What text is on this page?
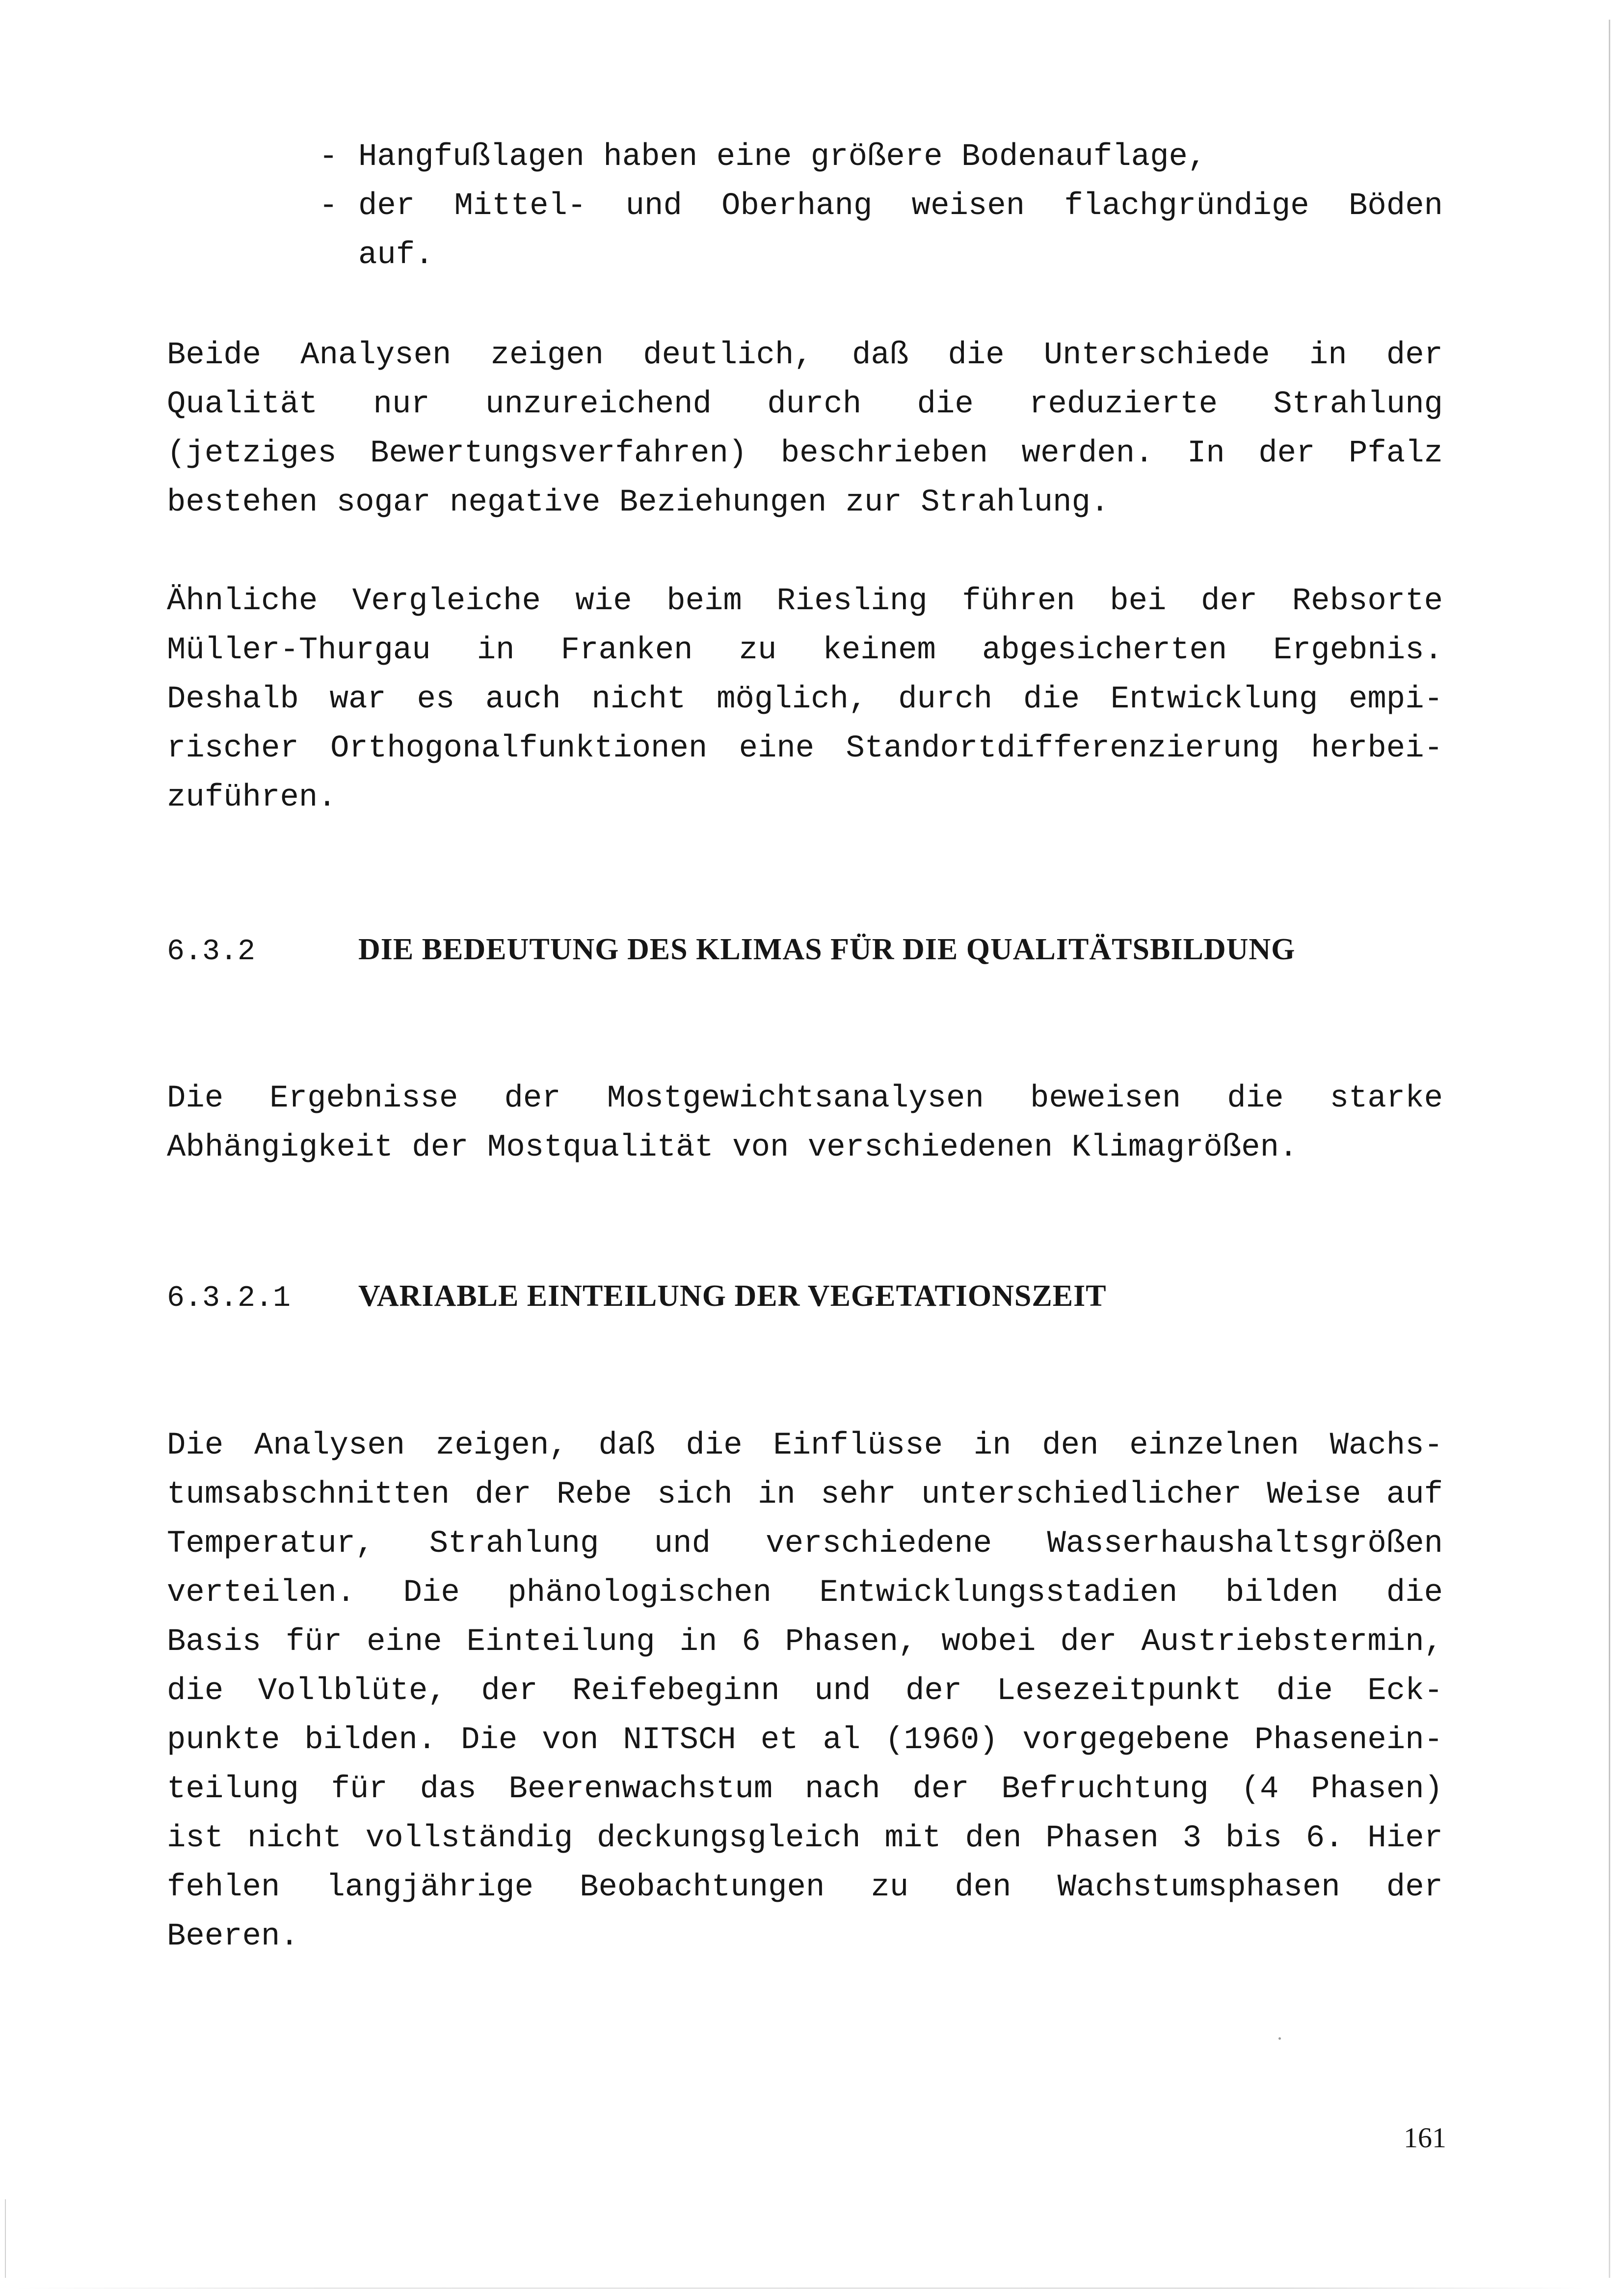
- Hangfußlagen haben eine größere Bodenauflage,
- der Mittel- und Oberhang weisen flachgründige Böden
auf.
Beide Analysen zeigen deutlich, daß die Unterschiede in der
Qualität nur unzureichend durch die reduzierte Strahlung
(jetziges Bewertungsverfahren) beschrieben werden. In der Pfalz
bestehen sogar negative Beziehungen zur Strahlung.
Ähnliche Vergleiche wie beim Riesling führen bei der Rebsorte
Müller-Thurgau in Franken zu keinem abgesicherten Ergebnis.
Deshalb war es auch nicht möglich, durch die Entwicklung empi-
rischer Orthogonalfunktionen eine Standortdifferenzierung herbei-
zuführen.
6.3.2	DIE BEDEUTUNG DES KLIMAS FÜR DIE QUALITÄTSBILDUNG
Die Ergebnisse der Mostgewichtsanalysen beweisen die starke
Abhängigkeit der Mostqualität von verschiedenen Klimagrößen.
6.3.2.1 VARIABLE EINTEILUNG DER VEGETATIONSZEIT
Die Analysen zeigen, daß die Einflüsse in den einzelnen Wachs-
tumsabschnitten der Rebe sich in sehr unterschiedlicher Weise auf
Temperatur, Strahlung und verschiedene Wasserhaushaltsgrößen
verteilen. Die phänologischen Entwicklungsstadien bilden die
Basis für eine Einteilung in 6 Phasen, wobei der Austriebstermin,
die Vollblüte, der Reifebeginn und der Lesezeitpunkt die Eck-
punkte bilden. Die von NITSCH et al (1960) vorgegebene Phasenein-
teilung für das Beerenwachstum nach der Befruchtung (4 Phasen)
ist nicht vollständig deckungsgleich mit den Phasen 3 bis 6. Hier
fehlen langjährige Beobachtungen zu den Wachstumsphasen der
Beeren.
161
